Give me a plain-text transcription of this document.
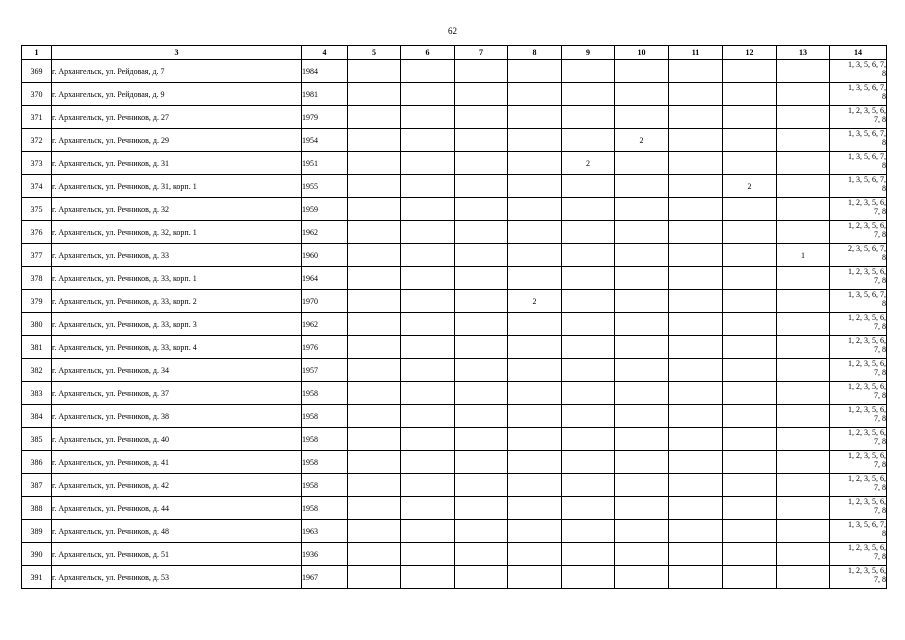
62
1	3	4	5	6	7	8	9	10	11	12	13	14
369	г. Архангельск, ул. Рейдовая, д. 7	1984										1, 3, 5, 6, 7,
8

370	г. Архангельск, ул. Рейдовая, д. 9	1981										1, 3, 5, 6, 7,
8

371	г. Архангельск, ул. Речников, д. 27	1979										1, 2, 3, 5, 6,
7, 8

372	г. Архангельск, ул. Речников, д. 29	1954						2				1, 3, 5, 6, 7,
8

373	г. Архангельск, ул. Речников, д. 31	1951					2					1, 3, 5, 6, 7,
8

374	г. Архангельск, ул. Речников, д. 31, корп. 1	1955								2		1, 3, 5, 6, 7,
8

375	г. Архангельск, ул. Речников, д. 32	1959										1, 2, 3, 5, 6,
7, 8

376	г. Архангельск, ул. Речников, д. 32, корп. 1	1962										1, 2, 3, 5, 6,
7, 8

377	г. Архангельск, ул. Речников, д. 33	1960									1	2, 3, 5, 6, 7,
8

378	г. Архангельск, ул. Речников, д. 33, корп. 1	1964										1, 2, 3, 5, 6,
7, 8

379	г. Архангельск, ул. Речников, д. 33, корп. 2	1970				2						1, 3, 5, 6, 7,
8

380	г. Архангельск, ул. Речников, д. 33, корп. 3	1962										1, 2, 3, 5, 6,
7, 8

381	г. Архангельск, ул. Речников, д. 33, корп. 4	1976										1, 2, 3, 5, 6,
7, 8

382	г. Архангельск, ул. Речников, д. 34	1957										1, 2, 3, 5, 6,
7, 8

383	г. Архангельск, ул. Речников, д. 37	1958										1, 2, 3, 5, 6,
7, 8

384	г. Архангельск, ул. Речников, д. 38	1958										1, 2, 3, 5, 6,
7, 8

385	г. Архангельск, ул. Речников, д. 40	1958										1, 2, 3, 5, 6,
7, 8

386	г. Архангельск, ул. Речников, д. 41	1958										1, 2, 3, 5, 6,
7, 8

387	г. Архангельск, ул. Речников, д. 42	1958										1, 2, 3, 5, 6,
7, 8

388	г. Архангельск, ул. Речников, д. 44	1958										1, 2, 3, 5, 6,
7, 8

389	г. Архангельск, ул. Речников, д. 48	1963										1, 3, 5, 6, 7,
8

390	г. Архангельск, ул. Речников, д. 51	1936										1, 2, 3, 5, 6,
7, 8

391	г. Архангельск, ул. Речников, д. 53	1967										1, 2, 3, 5, 6,
7, 8
